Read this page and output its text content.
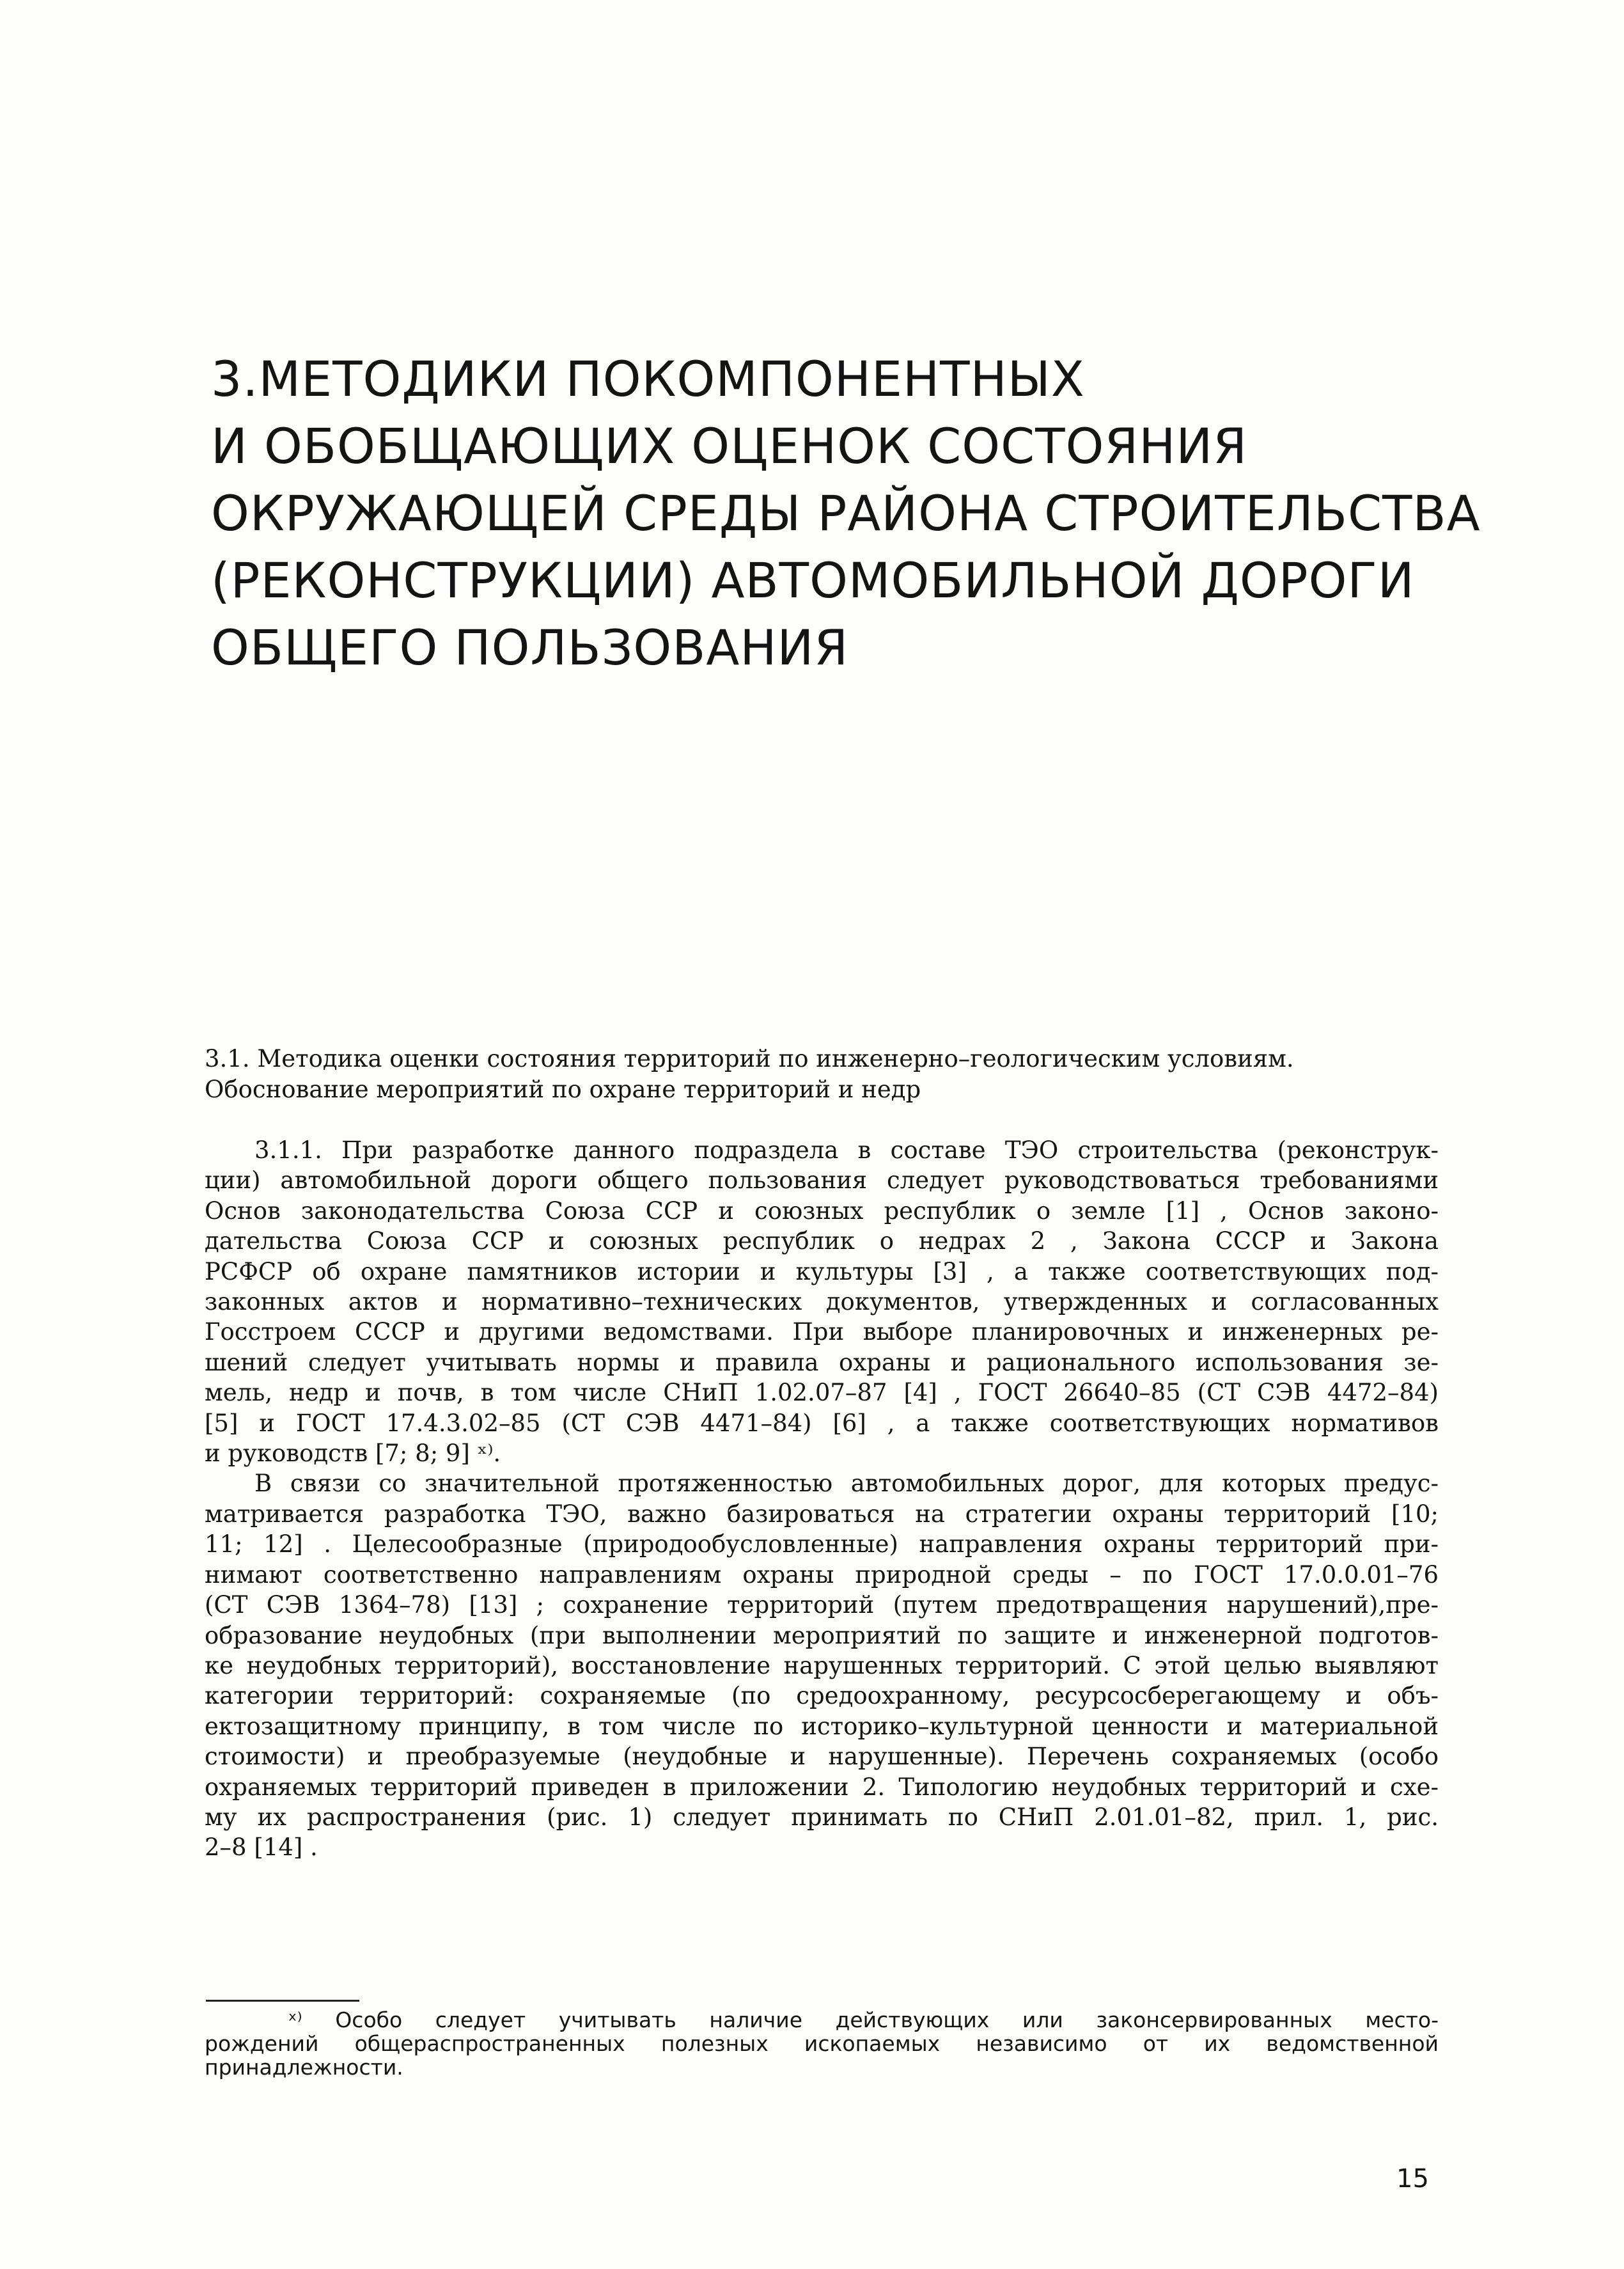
3.МЕТОДИКИ ПОКОМПОНЕНТНЫХ
И ОБОБЩАЮЩИХ ОЦЕНОК СОСТОЯНИЯ
ОКРУЖАЮЩЕЙ СРЕДЫ РАЙОНА СТРОИТЕЛЬСТВА
(РЕКОНСТРУКЦИИ) АВТОМОБИЛЬНОЙ ДОРОГИ
ОБЩЕГО ПОЛЬЗОВАНИЯ
3.1. Методика оценки состояния территорий по инженерно–геологическим условиям.
Обоснование мероприятий по охране территорий и недр
3.1.1. При разработке данного подраздела в составе ТЭО строительства (реконструк-
ции) автомобильной дороги общего пользования следует руководствоваться требованиями
Основ законодательства Союза ССР и союзных республик о земле [1] , Основ законо-
дательства Союза ССР и союзных республик о недрах 2 , Закона СССР и Закона
РСФСР об охране памятников истории и культуры [3] , а также соответствующих под-
законных актов и нормативно–технических документов, утвержденных и согласованных
Госстроем СССР и другими ведомствами. При выборе планировочных и инженерных ре-
шений следует учитывать нормы и правила охраны и рационального использования зе-
мель, недр и почв, в том числе СНиП 1.02.07–87 [4] , ГОСТ 26640–85 (СТ СЭВ 4472–84)
[5] и ГОСТ 17.4.3.02–85 (СТ СЭВ 4471–84) [6] , а также соответствующих нормативов
и руководств [7; 8; 9] ˣ⁾.
В связи со значительной протяженностью автомобильных дорог, для которых предус-
матривается разработка ТЭО, важно базироваться на стратегии охраны территорий [10;
11; 12] . Целесообразные (природообусловленные) направления охраны территорий при-
нимают соответственно направлениям охраны природной среды – по ГОСТ 17.0.0.01–76
(СТ СЭВ 1364–78) [13] ; сохранение территорий (путем предотвращения нарушений),пре-
образование неудобных (при выполнении мероприятий по защите и инженерной подготов-
ке неудобных территорий), восстановление нарушенных территорий. С этой целью выявляют
категории территорий: сохраняемые (по средоохранному, ресурсосберегающему и объ-
ектозащитному принципу, в том числе по историко–культурной ценности и материальной
стоимости) и преобразуемые (неудобные и нарушенные). Перечень сохраняемых (особо
охраняемых территорий приведен в приложении 2. Типологию неудобных территорий и схе-
му их распространения (рис. 1) следует принимать по СНиП 2.01.01–82, прил. 1, рис.
2–8 [14] .
ˣ⁾ Особо следует учитывать наличие действующих или законсервированных место-
рождений общераспространенных полезных ископаемых независимо от их ведомственной
принадлежности.
15
